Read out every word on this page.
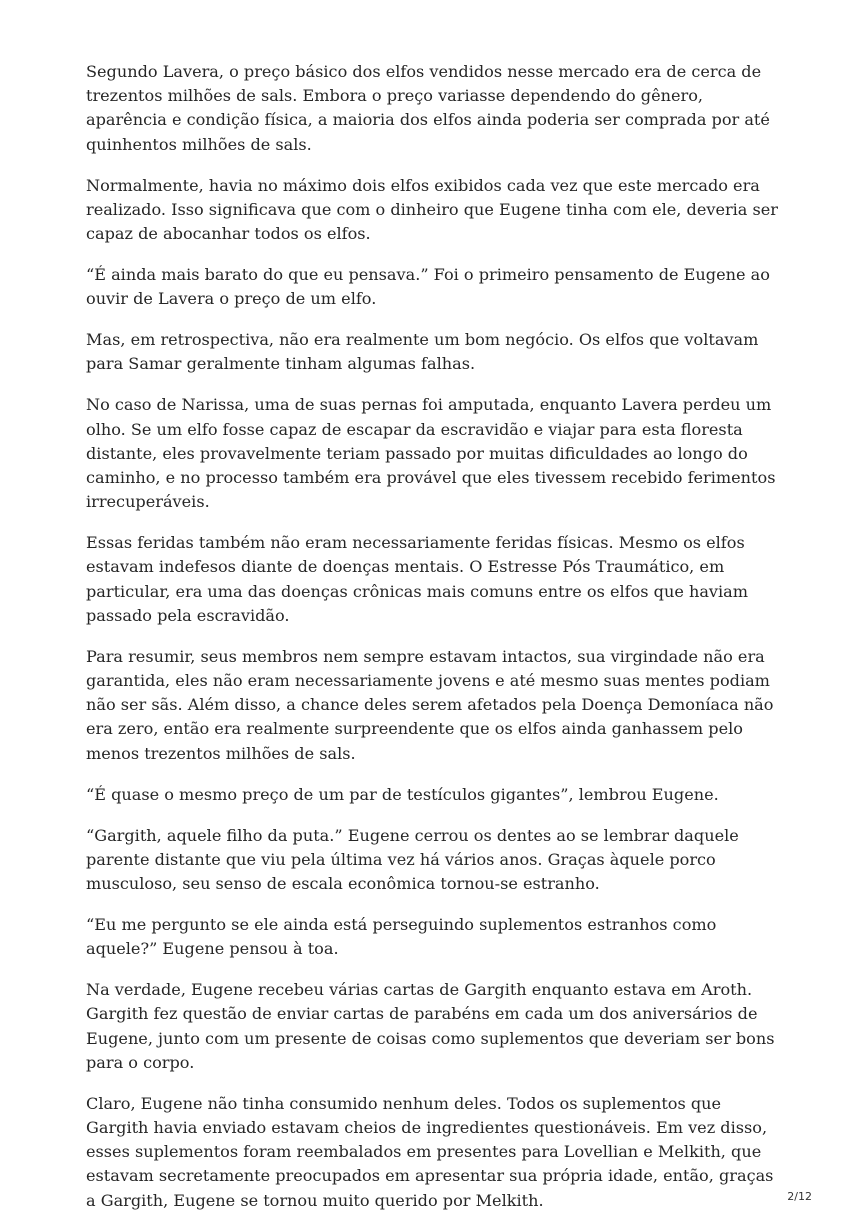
Segundo Lavera, o preço básico dos elfos vendidos nesse mercado era de cerca de trezentos milhões de sals. Embora o preço variasse dependendo do gênero, aparência e condição física, a maioria dos elfos ainda poderia ser comprada por até quinhentos milhões de sals.

Normalmente, havia no máximo dois elfos exibidos cada vez que este mercado era realizado. Isso significava que com o dinheiro que Eugene tinha com ele, deveria ser capaz de abocanhar todos os elfos.

“É ainda mais barato do que eu pensava.” Foi o primeiro pensamento de Eugene ao ouvir de Lavera o preço de um elfo.

Mas, em retrospectiva, não era realmente um bom negócio. Os elfos que voltavam para Samar geralmente tinham algumas falhas.

No caso de Narissa, uma de suas pernas foi amputada, enquanto Lavera perdeu um olho. Se um elfo fosse capaz de escapar da escravidão e viajar para esta floresta distante, eles provavelmente teriam passado por muitas dificuldades ao longo do caminho, e no processo também era provável que eles tivessem recebido ferimentos irrecuperáveis.

Essas feridas também não eram necessariamente feridas físicas. Mesmo os elfos estavam indefesos diante de doenças mentais. O Estresse Pós Traumático, em particular, era uma das doenças crônicas mais comuns entre os elfos que haviam passado pela escravidão.

Para resumir, seus membros nem sempre estavam intactos, sua virgindade não era garantida, eles não eram necessariamente jovens e até mesmo suas mentes podiam não ser sãs. Além disso, a chance deles serem afetados pela Doença Demoníaca não era zero, então era realmente surpreendente que os elfos ainda ganhassem pelo menos trezentos milhões de sals.

“É quase o mesmo preço de um par de testículos gigantes”, lembrou Eugene.

“Gargith, aquele filho da puta.” Eugene cerrou os dentes ao se lembrar daquele parente distante que viu pela última vez há vários anos. Graças àquele porco musculoso, seu senso de escala econômica tornou-se estranho.

“Eu me pergunto se ele ainda está perseguindo suplementos estranhos como aquele?” Eugene pensou à toa.

Na verdade, Eugene recebeu várias cartas de Gargith enquanto estava em Aroth. Gargith fez questão de enviar cartas de parabéns em cada um dos aniversários de Eugene, junto com um presente de coisas como suplementos que deveriam ser bons para o corpo.

Claro, Eugene não tinha consumido nenhum deles. Todos os suplementos que Gargith havia enviado estavam cheios de ingredientes questionáveis. Em vez disso, esses suplementos foram reembalados em presentes para Lovellian e Melkith, que estavam secretamente preocupados em apresentar sua própria idade, então, graças a Gargith, Eugene se tornou muito querido por Melkith.	2/12
